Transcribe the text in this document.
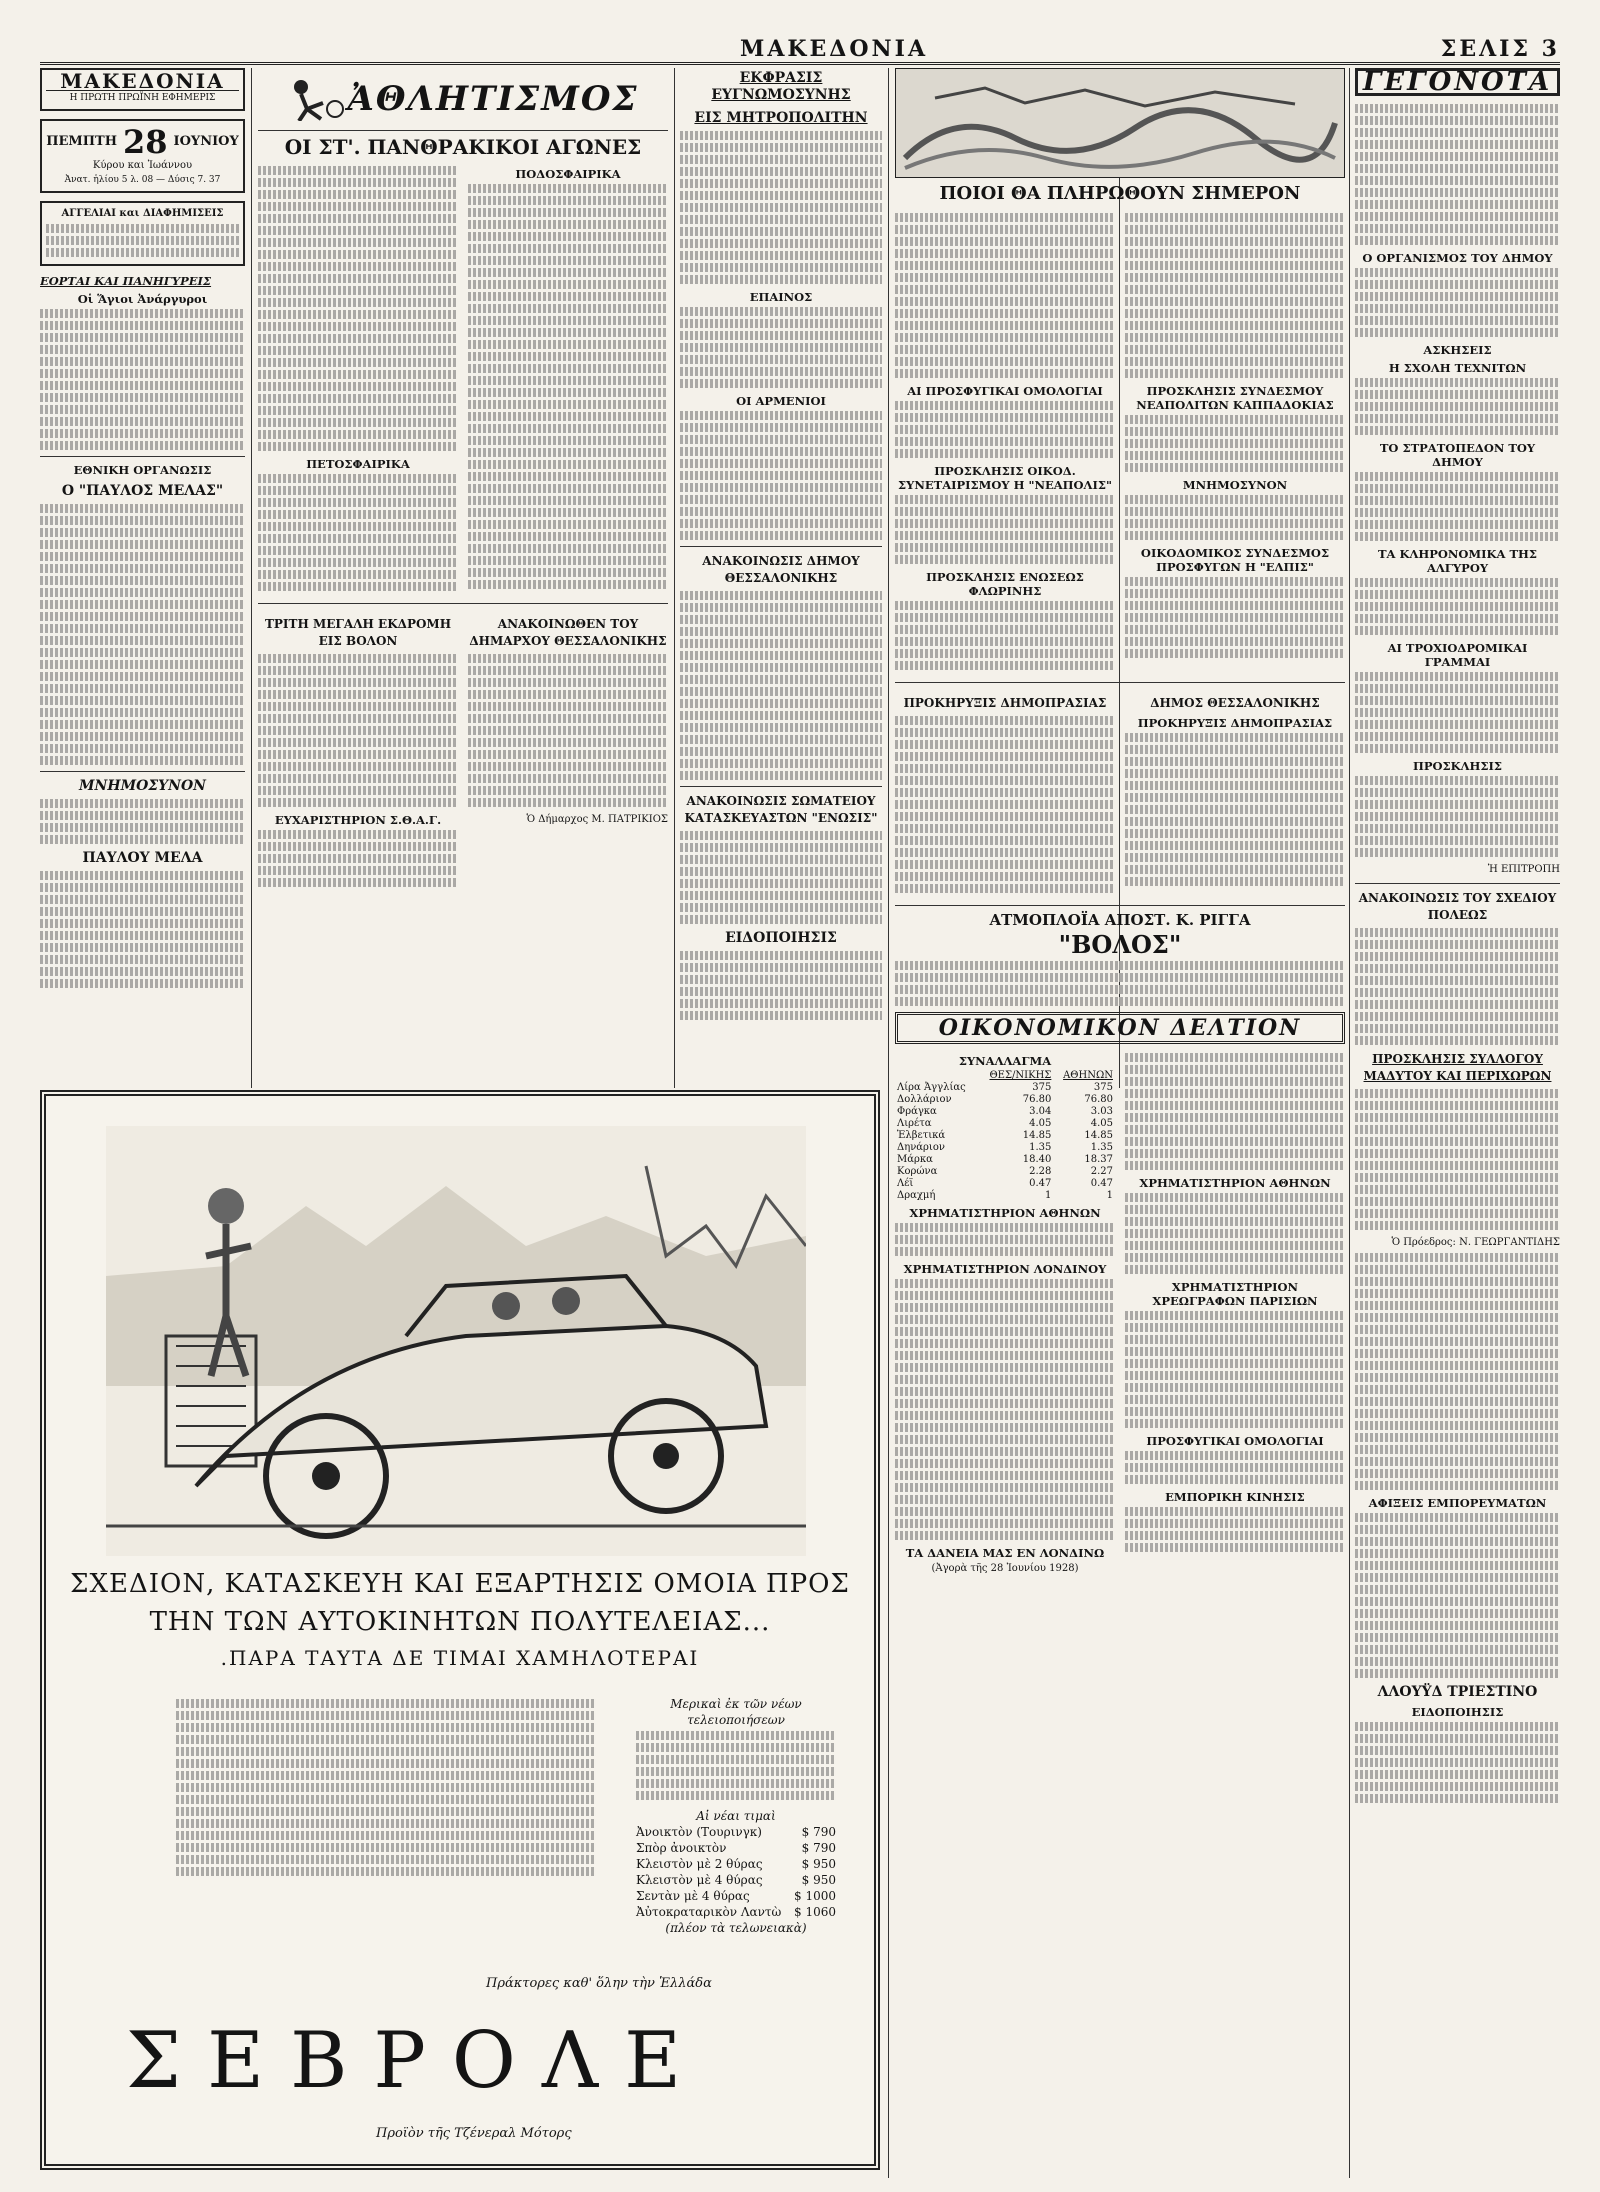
ΜΑΚΕΔΟΝΙΑ	ΣΕΛΙΣ 3
ΜΑΚΕΔΟΝΙΑ
Η ΠΡΩΤΗ ΠΡΩΪΝΗ ΕΦΗΜΕΡΙΣ
ΠΕΜΠΤΗ 28 ΙΟΥΝΙΟΥ
Κύρου και Ἰωάννου
Ἀνατ. ἡλίου 5 λ. 08 — Δύσις 7. 37
ΑΓΓΕΛΙΑΙ και ΔΙΑΦΗΜΙΣΕΙΣ
ΕΟΡΤΑΙ ΚΑΙ ΠΑΝΗΓΥΡΕΙΣ
Οἱ Ἅγιοι Ἀνάργυροι
ΕΘΝΙΚΗ ΟΡΓΑΝΩΣΙΣ
Ο "ΠΑΥΛΟΣ ΜΕΛΑΣ"
ΜΝΗΜΟΣΥΝΟΝ
ΠΑΥΛΟΥ ΜΕΛΑ
ἈΘΛΗΤΙΣΜΟΣ
ΟΙ ΣΤ'. ΠΑΝΘΡΑΚΙΚΟΙ ΑΓΩΝΕΣ
ΠΕΤΟΣΦΑΙΡΙΚΑ
ΠΟΔΟΣΦΑΙΡΙΚΑ
ΤΡΙΤΗ ΜΕΓΑΛΗ ΕΚΔΡΟΜΗ ΕΙΣ ΒΟΛΟΝ
ΕΥΧΑΡΙΣΤΗΡΙΟΝ Σ.Θ.Α.Γ.
ΑΝΑΚΟΙΝΩΘΕΝ ΤΟΥ ΔΗΜΑΡΧΟΥ ΘΕΣΣΑΛΟΝΙΚΗΣ
Ὁ Δήμαρχος Μ. ΠΑΤΡΙΚΙΟΣ
ΕΚΦΡΑΣΙΣ ΕΥΓΝΩΜΟΣΥΝΗΣ
ΕΙΣ ΜΗΤΡΟΠΟΛΙΤΗΝ
ΕΠΑΙΝΟΣ
ΟΙ ΑΡΜΕΝΙΟΙ
ΑΝΑΚΟΙΝΩΣΙΣ ΔΗΜΟΥ ΘΕΣΣΑΛΟΝΙΚΗΣ
ΑΝΑΚΟΙΝΩΣΙΣ ΣΩΜΑΤΕΙΟΥ ΚΑΤΑΣΚΕΥΑΣΤΩΝ "ΕΝΩΣΙΣ"
ΕΙΔΟΠΟΙΗΣΙΣ
ΠΟΙΟΙ ΘΑ ΠΛΗΡΩΘΟΥΝ ΣΗΜΕΡΟΝ
ΑΙ ΠΡΟΣΦΥΓΙΚΑΙ ΟΜΟΛΟΓΙΑΙ
ΠΡΟΣΚΛΗΣΙΣ ΟΙΚΟΔ. ΣΥΝΕΤΑΙΡΙΣΜΟΥ Η "ΝΕΑΠΟΛΙΣ"
ΠΡΟΣΚΛΗΣΙΣ ΕΝΩΣΕΩΣ ΦΛΩΡΙΝΗΣ
ΠΡΟΣΚΛΗΣΙΣ ΣΥΝΔΕΣΜΟΥ ΝΕΑΠΟΛΙΤΩΝ ΚΑΠΠΑΔΟΚΙΑΣ
ΜΝΗΜΟΣΥΝΟΝ
ΟΙΚΟΔΟΜΙΚΟΣ ΣΥΝΔΕΣΜΟΣ ΠΡΟΣΦΥΓΩΝ Η "ΕΛΠΙΣ"
ΠΡΟΚΗΡΥΞΙΣ ΔΗΜΟΠΡΑΣΙΑΣ	ΔΗΜΟΣ ΘΕΣΣΑΛΟΝΙΚΗΣ
ΠΡΟΚΗΡΥΞΙΣ ΔΗΜΟΠΡΑΣΙΑΣ
ΑΤΜΟΠΛΟΪΑ ΑΠΟΣΤ. Κ. ΡΙΓΓΑ
"ΒΟΛΟΣ"
ΟΙΚΟΝΟΜΙΚΟΝ ΔΕΛΤΙΟΝ
ΣΥΝΑΛΛΑΓΜΑ
	ΘΕΣ/ΝΙΚΗΣ	ΑΘΗΝΩΝ
Λίρα Ἀγγλίας	375	375
Δολλάριον	76.80	76.80
Φράγκα	3.04	3.03
Λιρέτα	4.05	4.05
Ἑλβετικά	14.85	14.85
Δηνάριον	1.35	1.35
Μάρκα	18.40	18.37
Κορώνα	2.28	2.27
Λέϊ	0.47	0.47
Δραχμή	1	1
ΧΡΗΜΑΤΙΣΤΗΡΙΟΝ ΑΘΗΝΩΝ
ΧΡΗΜΑΤΙΣΤΗΡΙΟΝ ΛΟΝΔΙΝΟΥ
ΤΑ ΔΑΝΕΙΑ ΜΑΣ ΕΝ ΛΟΝΔΙΝΩ
(Ἀγορὰ τῆς 28 Ἰουνίου 1928)
ΧΡΗΜΑΤΙΣΤΗΡΙΟΝ ΑΘΗΝΩΝ
ΧΡΗΜΑΤΙΣΤΗΡΙΟΝ ΧΡΕΩΓΡΑΦΩΝ ΠΑΡΙΣΙΩΝ
ΠΡΟΣΦΥΓΙΚΑΙ ΟΜΟΛΟΓΙΑΙ
ΕΜΠΟΡΙΚΗ ΚΙΝΗΣΙΣ
ΓΕΓΟΝΟΤΑ
Ο ΟΡΓΑΝΙΣΜΟΣ ΤΟΥ ΔΗΜΟΥ
ΑΣΚΗΣΕΙΣ
Η ΣΧΟΛΗ ΤΕΧΝΙΤΩΝ
ΤΟ ΣΤΡΑΤΟΠΕΔΟΝ ΤΟΥ ΔΗΜΟΥ
ΤΑ ΚΛΗΡΟΝΟΜΙΚΑ ΤΗΣ ΑΛΓΥΡΟΥ
ΑΙ ΤΡΟΧΙΟΔΡΟΜΙΚΑΙ ΓΡΑΜΜΑΙ
ΠΡΟΣΚΛΗΣΙΣ
Ἡ ΕΠΙΤΡΟΠΗ
ΑΝΑΚΟΙΝΩΣΙΣ ΤΟΥ ΣΧΕΔΙΟΥ ΠΟΛΕΩΣ
ΠΡΟΣΚΛΗΣΙΣ ΣΥΛΛΟΓΟΥ ΜΑΔΥΤΟΥ ΚΑΙ ΠΕΡΙΧΩΡΩΝ
Ὁ Πρόεδρος: Ν. ΓΕΩΡΓΑΝΤΙΔΗΣ
ΑΦΙΞΕΙΣ ΕΜΠΟΡΕΥΜΑΤΩΝ
ΛΛΟΥΫΔ ΤΡΙΕΣΤΙΝΟ
ΕΙΔΟΠΟΙΗΣΙΣ
ΣΧΕΔΙΟΝ, ΚΑΤΑΣΚΕΥΗ ΚΑΙ ΕΞΑΡΤΗΣΙΣ ΟΜΟΙΑ ΠΡΟΣ
ΤΗΝ ΤΩΝ ΑΥΤΟΚΙΝΗΤΩΝ ΠΟΛΥΤΕΛΕΙΑΣ...
.ΠΑΡΑ ΤΑΥΤΑ ΔΕ ΤΙΜΑΙ ΧΑΜΗΛΟΤΕΡΑΙ
Μερικαὶ ἐκ τῶν νέων τελειοποιήσεων
Αἱ νέαι τιμαὶ
Ἀνοικτὸν (Τουρινγκ)	$ 790
Σπὸρ ἀνοικτὸν	$ 790
Κλειστὸν μὲ 2 θύρας	$ 950
Κλειστὸν μὲ 4 θύρας	$ 950
Σεντὰν μὲ 4 θύρας	$ 1000
Ἀὐτοκραταρικὸν Λαντὼ $ 1060
(πλέον τὰ τελωνειακὰ)
Πράκτορες καθ' ὅλην τὴν Ἑλλάδα
ΣΕΒΡΟΛΕ
Προϊὸν τῆς Τζένεραλ Μότορς
